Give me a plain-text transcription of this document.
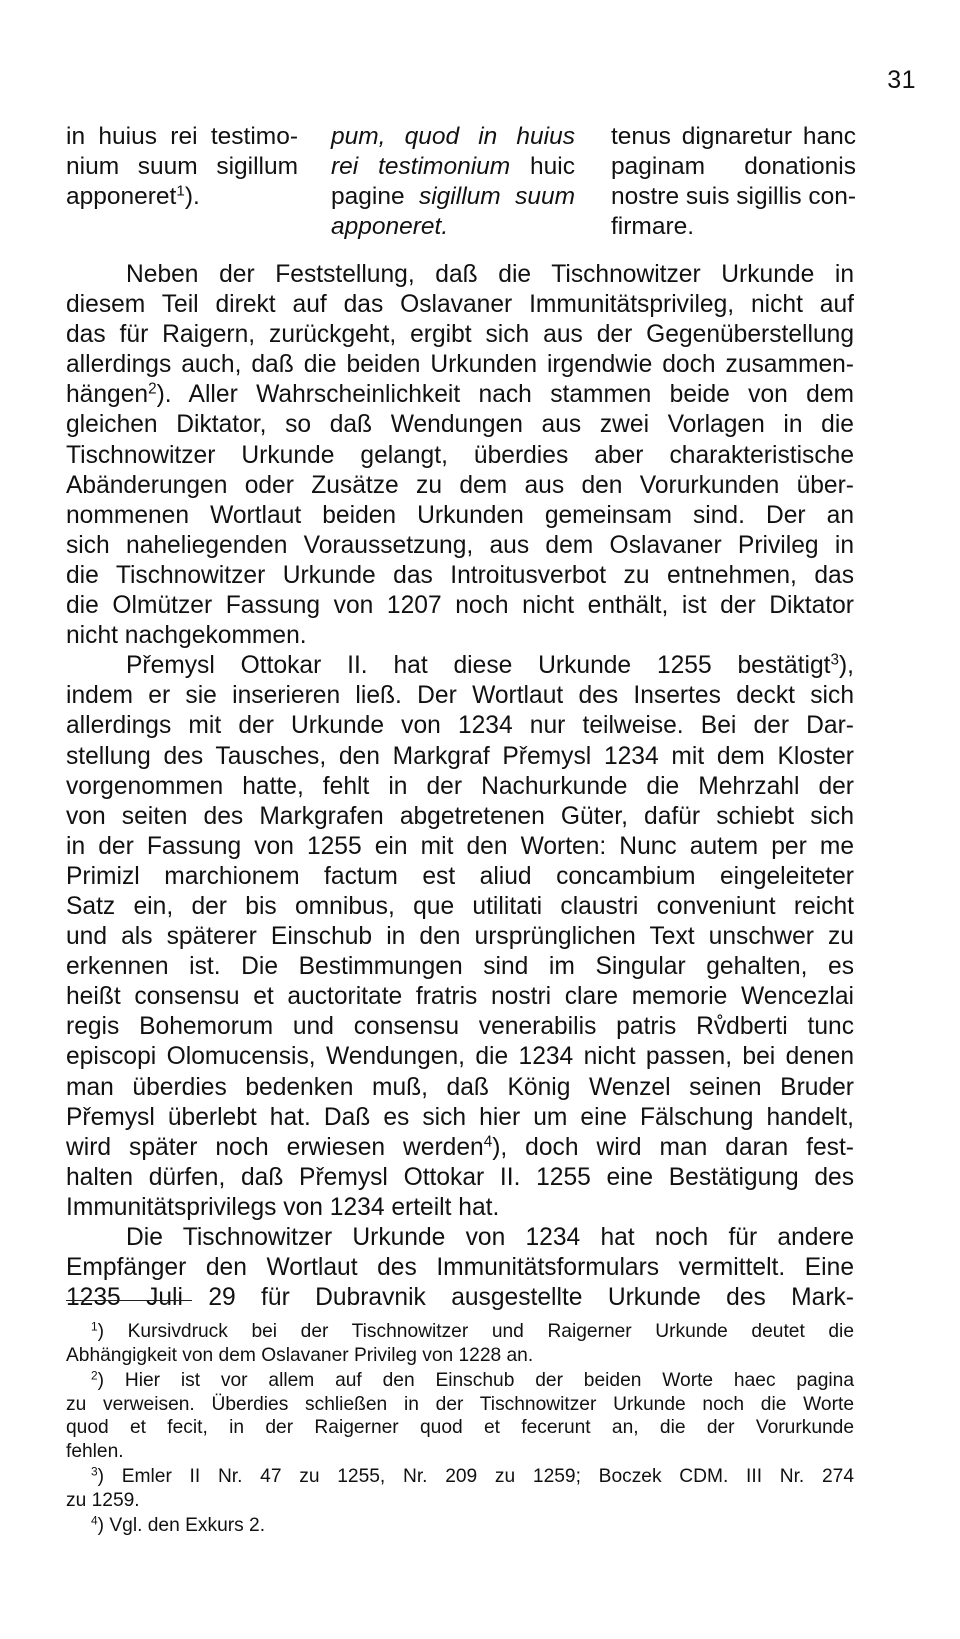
31
in huius rei testimo-
nium suum sigillum
apponeret$^1$).
pum, quod in huius
rei testimonium huic
pagine sigillum suum
apponeret.
tenus dignaretur hanc
paginam donationis
nostre suis sigillis con-
firmare.
Neben der Feststellung, daß die Tischnowitzer Urkunde in
diesem Teil direkt auf das Oslavaner Immunitätsprivileg, nicht auf
das für Raigern, zurückgeht, ergibt sich aus der Gegenüberstellung
allerdings auch, daß die beiden Urkunden irgendwie doch zusammen-
hängen$^2$). Aller Wahrscheinlichkeit nach stammen beide von dem
gleichen Diktator, so daß Wendungen aus zwei Vorlagen in die
Tischnowitzer Urkunde gelangt, überdies aber charakteristische
Abänderungen oder Zusätze zu dem aus den Vorurkunden über-
nommenen Wortlaut beiden Urkunden gemeinsam sind. Der an
sich naheliegenden Voraussetzung, aus dem Oslavaner Privileg in
die Tischnowitzer Urkunde das Introitusverbot zu entnehmen, das
die Olmützer Fassung von 1207 noch nicht enthält, ist der Diktator
nicht nachgekommen.
Přemysl Ottokar II. hat diese Urkunde 1255 bestätigt$^3$),
indem er sie inserieren ließ. Der Wortlaut des Insertes deckt sich
allerdings mit der Urkunde von 1234 nur teilweise. Bei der Dar-
stellung des Tausches, den Markgraf Přemysl 1234 mit dem Kloster
vorgenommen hatte, fehlt in der Nachurkunde die Mehrzahl der
von seiten des Markgrafen abgetretenen Güter, dafür schiebt sich
in der Fassung von 1255 ein mit den Worten: Nunc autem per me
Primizl marchionem factum est aliud concambium eingeleiteter
Satz ein, der bis omnibus, que utilitati claustri conveniunt reicht
und als späterer Einschub in den ursprünglichen Text unschwer zu
erkennen ist. Die Bestimmungen sind im Singular gehalten, es
heißt consensu et auctoritate fratris nostri clare memorie Wencezlai
regis Bohemorum und consensu venerabilis patris Rv̊dberti tunc
episcopi Olomucensis, Wendungen, die 1234 nicht passen, bei denen
man überdies bedenken muß, daß König Wenzel seinen Bruder
Přemysl überlebt hat. Daß es sich hier um eine Fälschung handelt,
wird später noch erwiesen werden$^4$), doch wird man daran fest-
halten dürfen, daß Přemysl Ottokar II. 1255 eine Bestätigung des
Immunitätsprivilegs von 1234 erteilt hat.
Die Tischnowitzer Urkunde von 1234 hat noch für andere
Empfänger den Wortlaut des Immunitätsformulars vermittelt. Eine
1235 Juli 29 für Dubravnik ausgestellte Urkunde des Mark-
$^1$) Kursivdruck bei der Tischnowitzer und Raigerner Urkunde deutet die
Abhängigkeit von dem Oslavaner Privileg von 1228 an.
$^2$) Hier ist vor allem auf den Einschub der beiden Worte haec pagina
zu verweisen. Überdies schließen in der Tischnowitzer Urkunde noch die Worte
quod et fecit, in der Raigerner quod et fecerunt an, die der Vorurkunde
fehlen.
$^3$) Emler II Nr. 47 zu 1255, Nr. 209 zu 1259; Boczek CDM. III Nr. 274
zu 1259.
$^4$) Vgl. den Exkurs 2.
